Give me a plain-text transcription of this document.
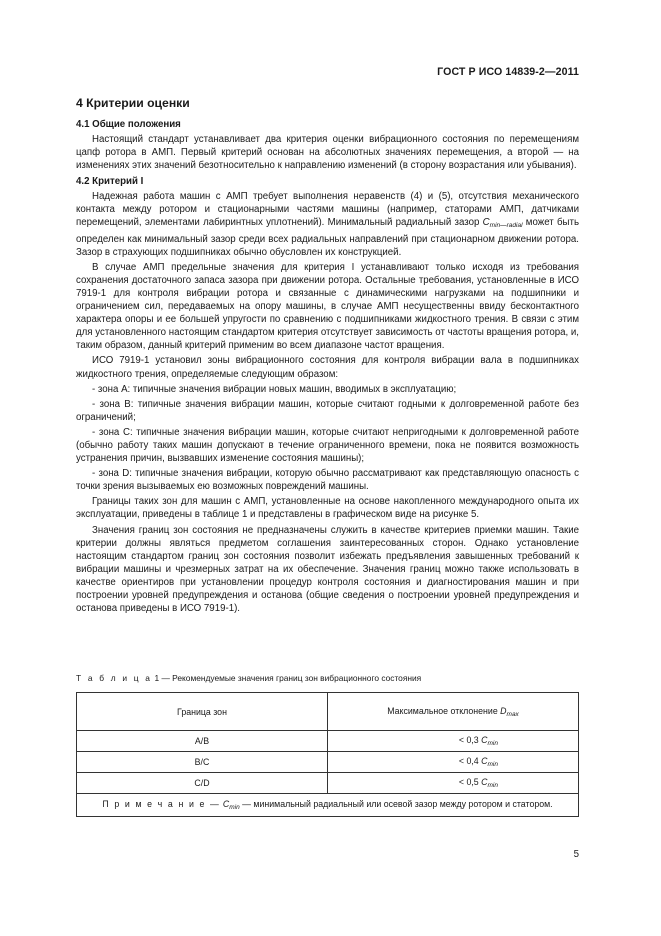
ГОСТ Р ИСО 14839-2—2011
4 Критерии оценки
4.1 Общие положения

Настоящий стандарт устанавливает два критерия оценки вибрационного состояния по перемещениям цапф ротора в АМП. Первый критерий основан на абсолютных значениях перемещения, а второй — на изменениях этих значений безотносительно к направлению изменений (в сторону возрастания или убывания).

4.2 Критерий I

Надежная работа машин с АМП требует выполнения неравенств (4) и (5), отсутствия механического контакта между ротором и стационарными частями машины (например, статорами АМП, датчиками перемещений, элементами лабиринтных уплотнений). Минимальный радиальный зазор $C_{min—radial}$ может быть определен как минимальный зазор среди всех радиальных направлений при стационарном движении ротора. Зазор в страхующих подшипниках обычно обусловлен их конструкцией.

В случае АМП предельные значения для критерия I устанавливают только исходя из требования сохранения достаточного запаса зазора при движении ротора. Остальные требования, установленные в ИСО 7919-1 для контроля вибрации ротора и связанные с динамическими нагрузками на подшипники и ограничением сил, передаваемых на опору машины, в случае АМП несущественны ввиду бесконтактного характера опоры и ее большей упругости по сравнению с подшипниками жидкостного трения. В связи с этим для установленного настоящим стандартом критерия отсутствует зависимость от частоты вращения ротора, и, таким образом, данный критерий применим во всем диапазоне частот вращения.

ИСО 7919-1 установил зоны вибрационного состояния для контроля вибрации вала в подшипниках жидкостного трения, определяемые следующим образом:

- зона A: типичные значения вибрации новых машин, вводимых в эксплуатацию;

- зона B: типичные значения вибрации машин, которые считают годными к долговременной работе без ограничений;

- зона C: типичные значения вибрации машин, которые считают непригодными к долговременной работе (обычно работу таких машин допускают в течение ограниченного времени, пока не появится возможность устранения причин, вызвавших изменение состояния машины);

- зона D: типичные значения вибрации, которую обычно рассматривают как представляющую опасность с точки зрения вызываемых ею возможных повреждений машины.

Границы таких зон для машин с АМП, установленные на основе накопленного международного опыта их эксплуатации, приведены в таблице 1 и представлены в графическом виде на рисунке 5.

Значения границ зон состояния не предназначены служить в качестве критериев приемки машин. Такие критерии должны являться предметом соглашения заинтересованных сторон. Однако установление настоящим стандартом границ зон состояния позволит избежать предъявления завышенных требований к вибрации машины и чрезмерных затрат на их обеспечение. Значения границ можно также использовать в качестве ориентиров при установлении процедур контроля состояния и диагностирования машин и при построении уровней предупреждения и останова (общие сведения о построении уровней предупреждения и останова приведены в ИСО 7919-1).

Т а б л и ц а 1 — Рекомендуемые значения границ зон вибрационного состояния
Граница зон	Максимальное отклонение $D_{max}$
A/B	< 0,3 $C_{min}$
B/C	< 0,4 $C_{min}$
C/D	< 0,5 $C_{min}$
П р и м е ч а н и е — $C_{min}$ — минимальный радиальный или осевой зазор между ротором и статором.	
5
